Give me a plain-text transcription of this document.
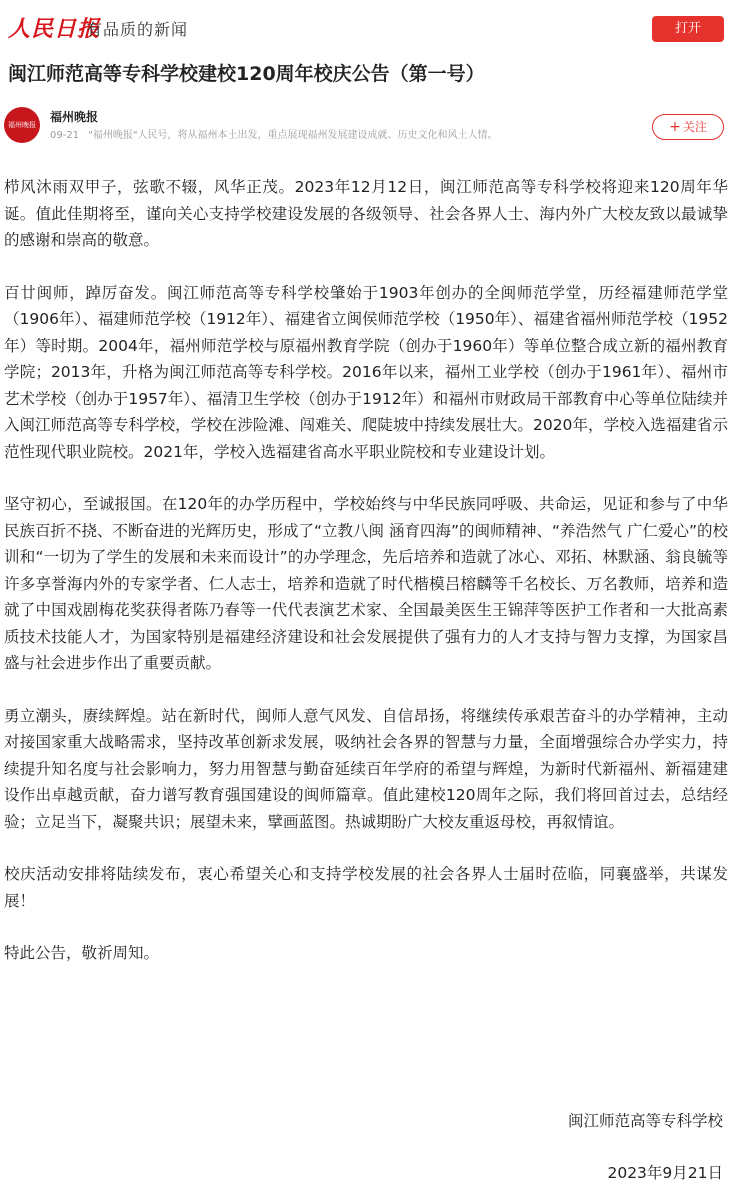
人民日报
有品质的新闻	打开
闽江师范高等专科学校建校120周年校庆公告（第一号）
福州晚报
福州晚报
09-21 "福州晚报"人民号，将从福州本土出发，重点展现福州发展建设成就、历史文化和风土人情。
+ 关注

栉风沐雨双甲子，弦歌不辍，风华正茂。2023年12月12日，闽江师范高等专科学校将迎来120周年华诞。值此佳期将至，谨向关心支持学校建设发展的各级领导、社会各界人士、海内外广大校友致以最诚挚的感谢和崇高的敬意。

百廿闽师，踔厉奋发。闽江师范高等专科学校肇始于1903年创办的全闽师范学堂，历经福建师范学堂（1906年）、福建师范学校（1912年）、福建省立闽侯师范学校（1950年）、福建省福州师范学校（1952年）等时期。2004年，福州师范学校与原福州教育学院（创办于1960年）等单位整合成立新的福州教育学院；2013年，升格为闽江师范高等专科学校。2016年以来，福州工业学校（创办于1961年）、福州市艺术学校（创办于1957年）、福清卫生学校（创办于1912年）和福州市财政局干部教育中心等单位陆续并入闽江师范高等专科学校，学校在涉险滩、闯难关、爬陡坡中持续发展壮大。2020年，学校入选福建省示范性现代职业院校。2021年，学校入选福建省高水平职业院校和专业建设计划。

坚守初心，至诚报国。在120年的办学历程中，学校始终与中华民族同呼吸、共命运，见证和参与了中华民族百折不挠、不断奋进的光辉历史，形成了“立教八闽 涵育四海”的闽师精神、“养浩然气 广仁爱心”的校训和“一切为了学生的发展和未来而设计”的办学理念，先后培养和造就了冰心、邓拓、林默涵、翁良毓等许多享誉海内外的专家学者、仁人志士，培养和造就了时代楷模吕榕麟等千名校长、万名教师，培养和造就了中国戏剧梅花奖获得者陈乃春等一代代表演艺术家、全国最美医生王锦萍等医护工作者和一大批高素质技术技能人才，为国家特别是福建经济建设和社会发展提供了强有力的人才支持与智力支撑，为国家昌盛与社会进步作出了重要贡献。

勇立潮头，赓续辉煌。站在新时代，闽师人意气风发、自信昂扬，将继续传承艰苦奋斗的办学精神，主动对接国家重大战略需求，坚持改革创新求发展，吸纳社会各界的智慧与力量，全面增强综合办学实力，持续提升知名度与社会影响力，努力用智慧与勤奋延续百年学府的希望与辉煌，为新时代新福州、新福建建设作出卓越贡献，奋力谱写教育强国建设的闽师篇章。值此建校120周年之际，我们将回首过去，总结经验；立足当下，凝聚共识；展望未来，擘画蓝图。热诚期盼广大校友重返母校，再叙情谊。

校庆活动安排将陆续发布，衷心希望关心和支持学校发展的社会各界人士届时莅临，同襄盛举，共谋发展！

特此公告，敬祈周知。

闽江师范高等专科学校
2023年9月21日
